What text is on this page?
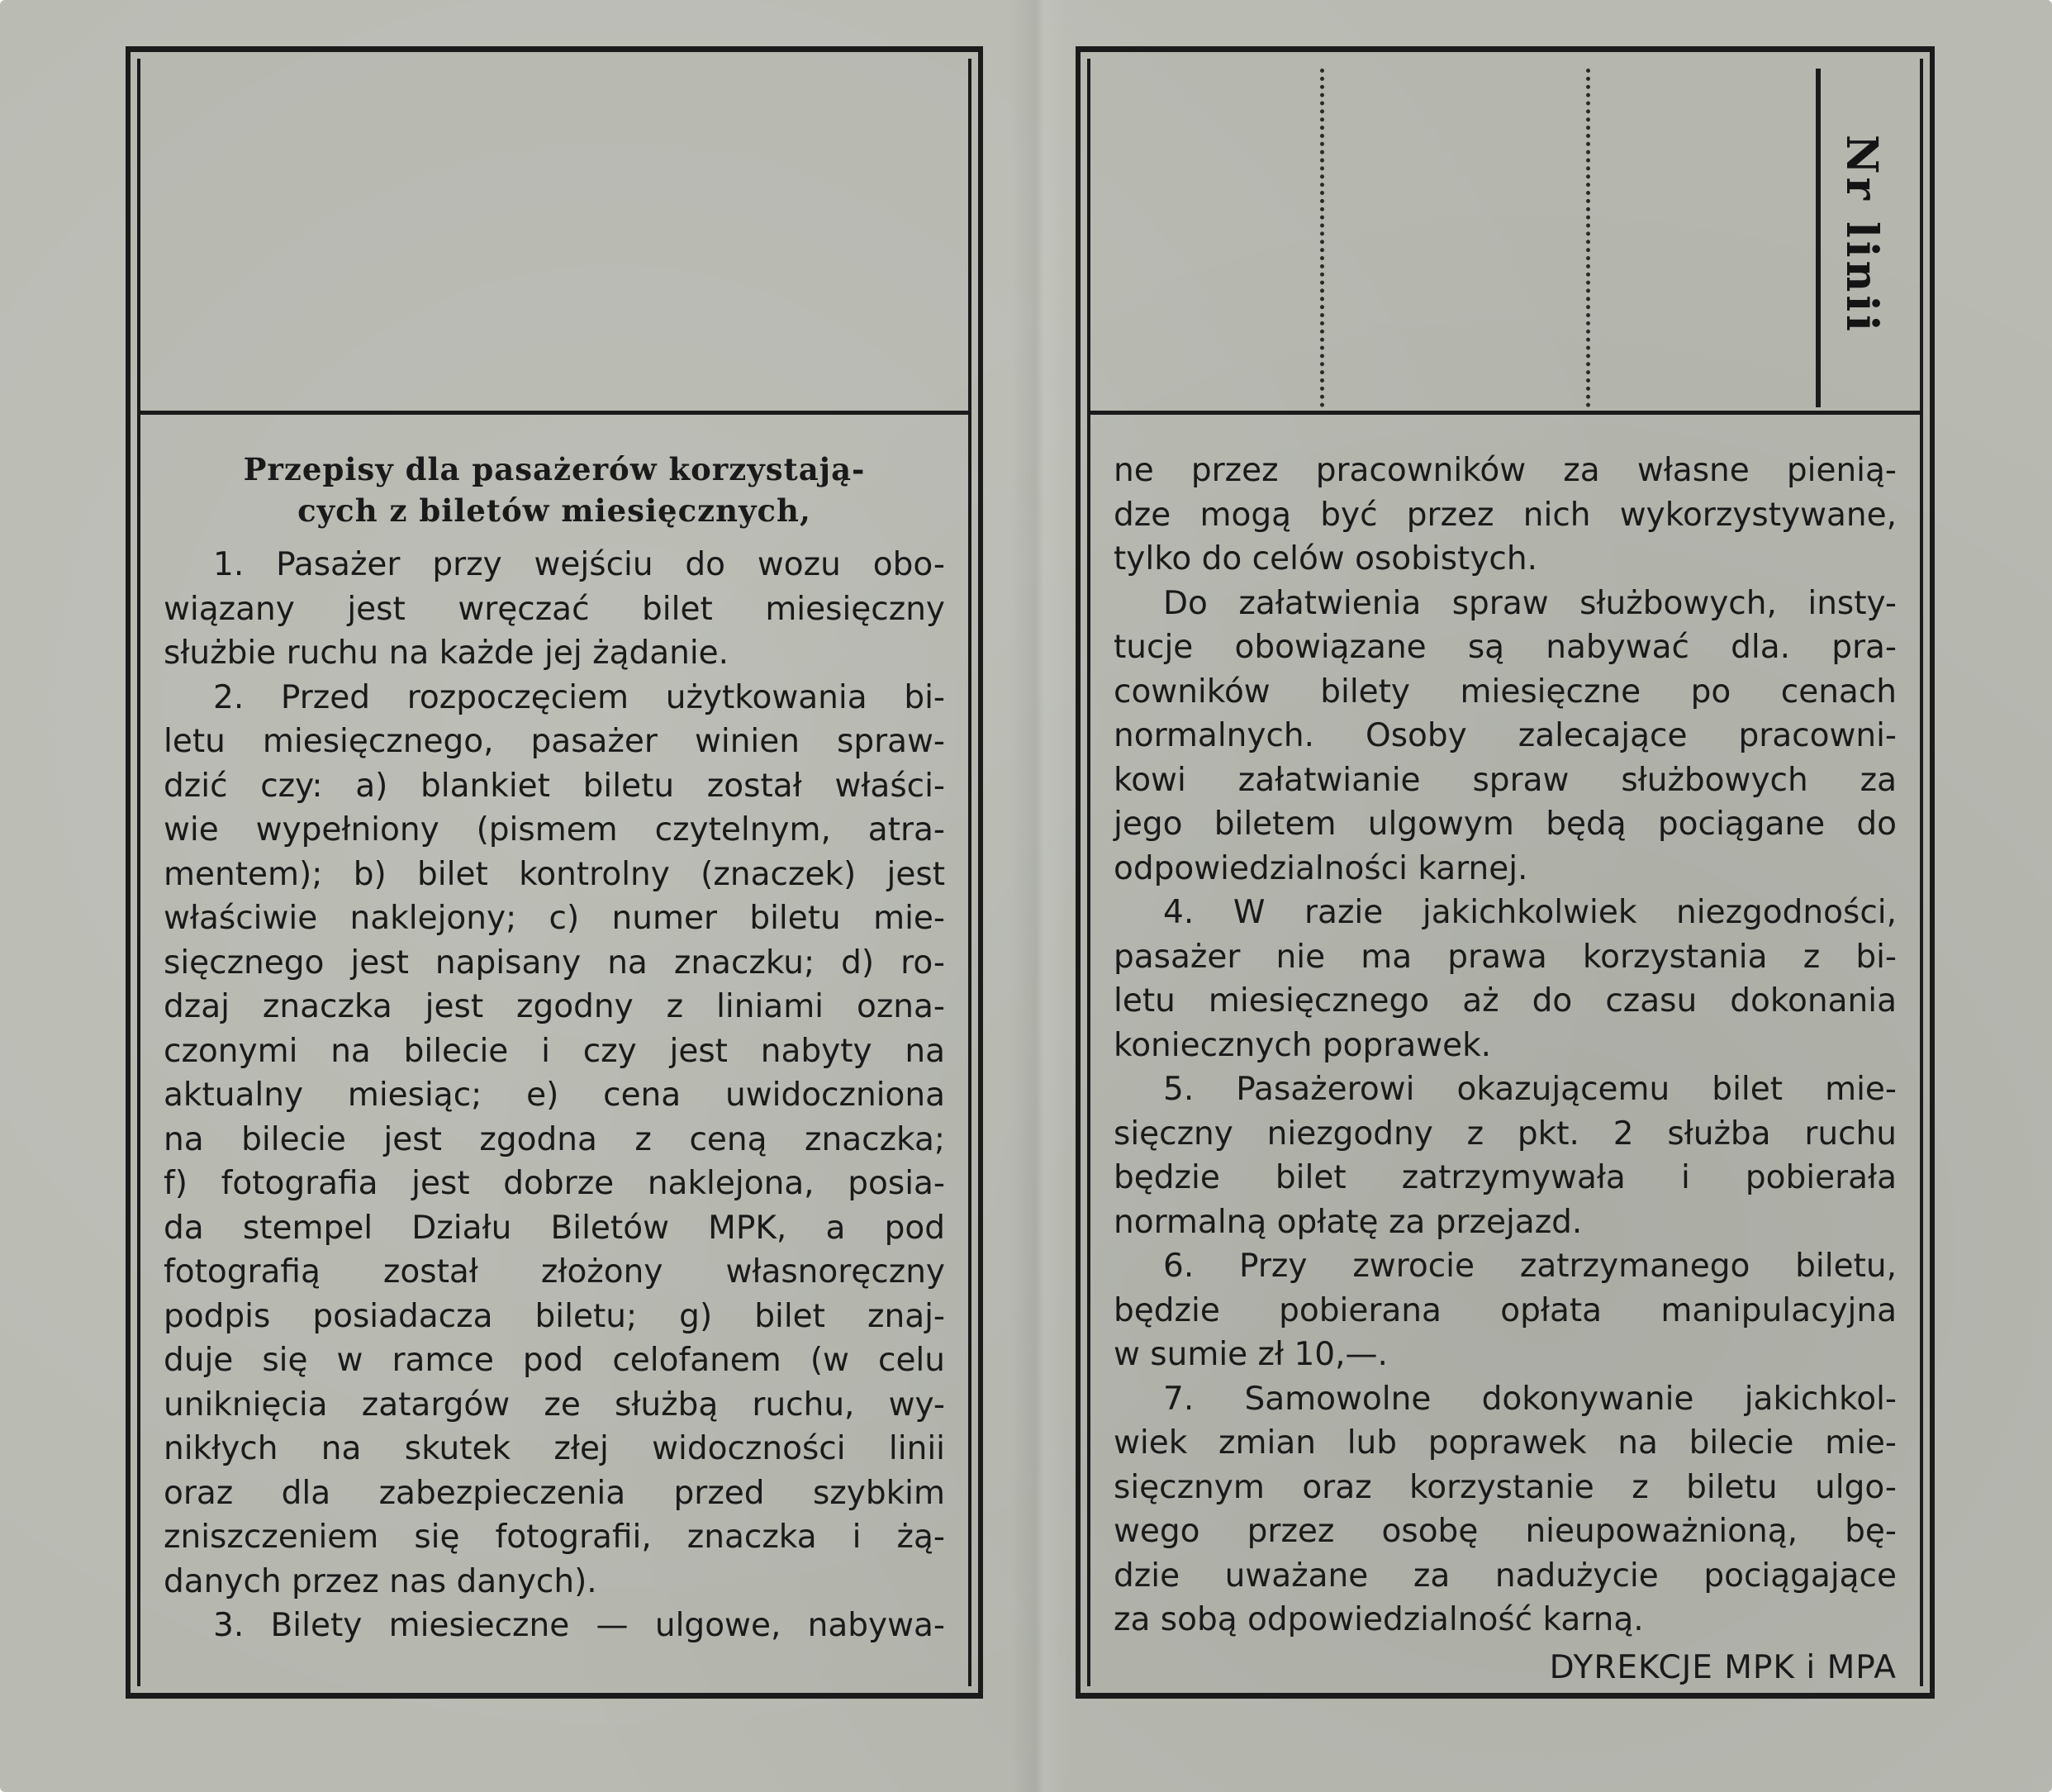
Przepisy dla pasażerów korzystają-
cych z biletów miesięcznych,
1. Pasażer przy wejściu do wozu obo-
wiązany jest wręczać bilet miesięczny
służbie ruchu na każde jej żądanie.
2. Przed rozpoczęciem użytkowania bi-
letu miesięcznego, pasażer winien spraw-
dzić czy: a) blankiet biletu został właści-
wie wypełniony (pismem czytelnym, atra-
mentem); b) bilet kontrolny (znaczek) jest
właściwie naklejony; c) numer biletu mie-
sięcznego jest napisany na znaczku; d) ro-
dzaj znaczka jest zgodny z liniami ozna-
czonymi na bilecie i czy jest nabyty na
aktualny miesiąc; e) cena uwidoczniona
na bilecie jest zgodna z ceną znaczka;
f) fotografia jest dobrze naklejona, posia-
da stempel Działu Biletów MPK, a pod
fotografią został złożony własnoręczny
podpis posiadacza biletu; g) bilet znaj-
duje się w ramce pod celofanem (w celu
uniknięcia zatargów ze służbą ruchu, wy-
nikłych na skutek złej widoczności linii
oraz dla zabezpieczenia przed szybkim
zniszczeniem się fotografii, znaczka i żą-
danych przez nas danych).
3. Bilety miesieczne — ulgowe, nabywa-
Nr linii
ne przez pracowników za własne pienią-
dze mogą być przez nich wykorzystywane,
tylko do celów osobistych.
Do załatwienia spraw służbowych, insty-
tucje obowiązane są nabywać dla. pra-
cowników bilety miesięczne po cenach
normalnych. Osoby zalecające pracowni-
kowi załatwianie spraw służbowych za
jego biletem ulgowym będą pociągane do
odpowiedzialności karnej.
4. W razie jakichkolwiek niezgodności,
pasażer nie ma prawa korzystania z bi-
letu miesięcznego aż do czasu dokonania
koniecznych poprawek.
5. Pasażerowi okazującemu bilet mie-
sięczny niezgodny z pkt. 2 służba ruchu
będzie bilet zatrzymywała i pobierała
normalną opłatę za przejazd.
6. Przy zwrocie zatrzymanego biletu,
będzie pobierana opłata manipulacyjna
w sumie zł 10,—.
7. Samowolne dokonywanie jakichkol-
wiek zmian lub poprawek na bilecie mie-
sięcznym oraz korzystanie z biletu ulgo-
wego przez osobę nieupoważnioną, bę-
dzie uważane za nadużycie pociągające
za sobą odpowiedzialność karną.
DYREKCJE MPK i MPA
